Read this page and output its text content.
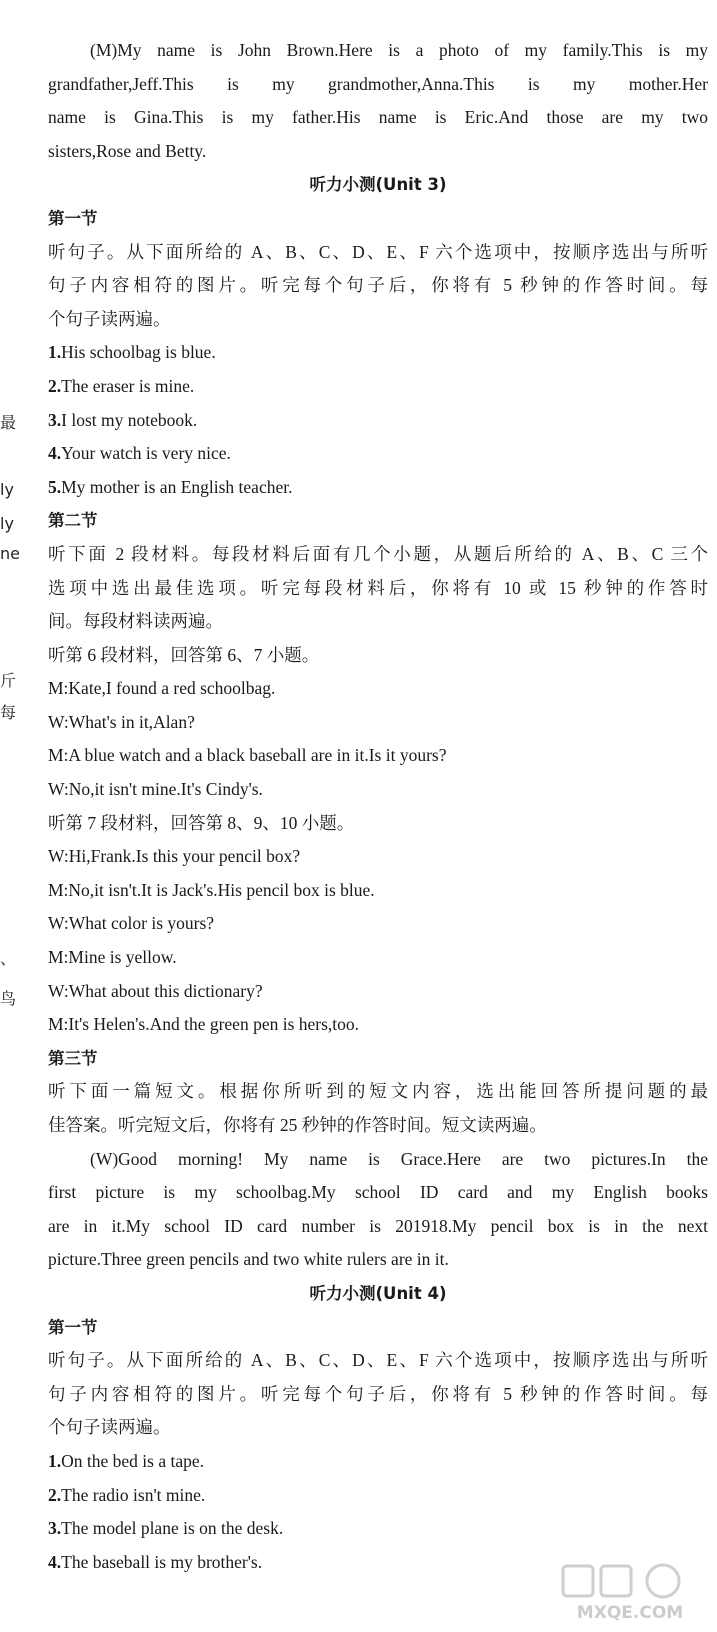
最
ly
ly
ne
斤
每
、
鸟
(M)My name is John Brown.Here is a photo of my family.This is my
grandfather,Jeff.This is my grandmother,Anna.This is my mother.Her
name is Gina.This is my father.His name is Eric.And those are my two
sisters,Rose and Betty.
听力小测(Unit 3)
第一节
听句子。从下面所给的 A、B、C、D、E、F 六个选项中，按顺序选出与所听
句子内容相符的图片。听完每个句子后，你将有 5 秒钟的作答时间。每
个句子读两遍。
1.His schoolbag is blue.
2.The eraser is mine.
3.I lost my notebook.
4.Your watch is very nice.
5.My mother is an English teacher.
第二节
听下面 2 段材料。每段材料后面有几个小题，从题后所给的 A、B、C 三个
选项中选出最佳选项。听完每段材料后，你将有 10 或 15 秒钟的作答时
间。每段材料读两遍。
听第 6 段材料，回答第 6、7 小题。
M:Kate,I found a red schoolbag.
W:What's in it,Alan?
M:A blue watch and a black baseball are in it.Is it yours?
W:No,it isn't mine.It's Cindy's.
听第 7 段材料，回答第 8、9、10 小题。
W:Hi,Frank.Is this your pencil box?
M:No,it isn't.It is Jack's.His pencil box is blue.
W:What color is yours?
M:Mine is yellow.
W:What about this dictionary?
M:It's Helen's.And the green pen is hers,too.
第三节
听下面一篇短文。根据你所听到的短文内容，选出能回答所提问题的最
佳答案。听完短文后，你将有 25 秒钟的作答时间。短文读两遍。
(W)Good morning! My name is Grace.Here are two pictures.In the
first picture is my schoolbag.My school ID card and my English books
are in it.My school ID card number is 201918.My pencil box is in the next
picture.Three green pencils and two white rulers are in it.
听力小测(Unit 4)
第一节
听句子。从下面所给的 A、B、C、D、E、F 六个选项中，按顺序选出与所听
句子内容相符的图片。听完每个句子后，你将有 5 秒钟的作答时间。每
个句子读两遍。
1.On the bed is a tape.
2.The radio isn't mine.
3.The model plane is on the desk.
4.The baseball is my brother's.
MXQE.COM
